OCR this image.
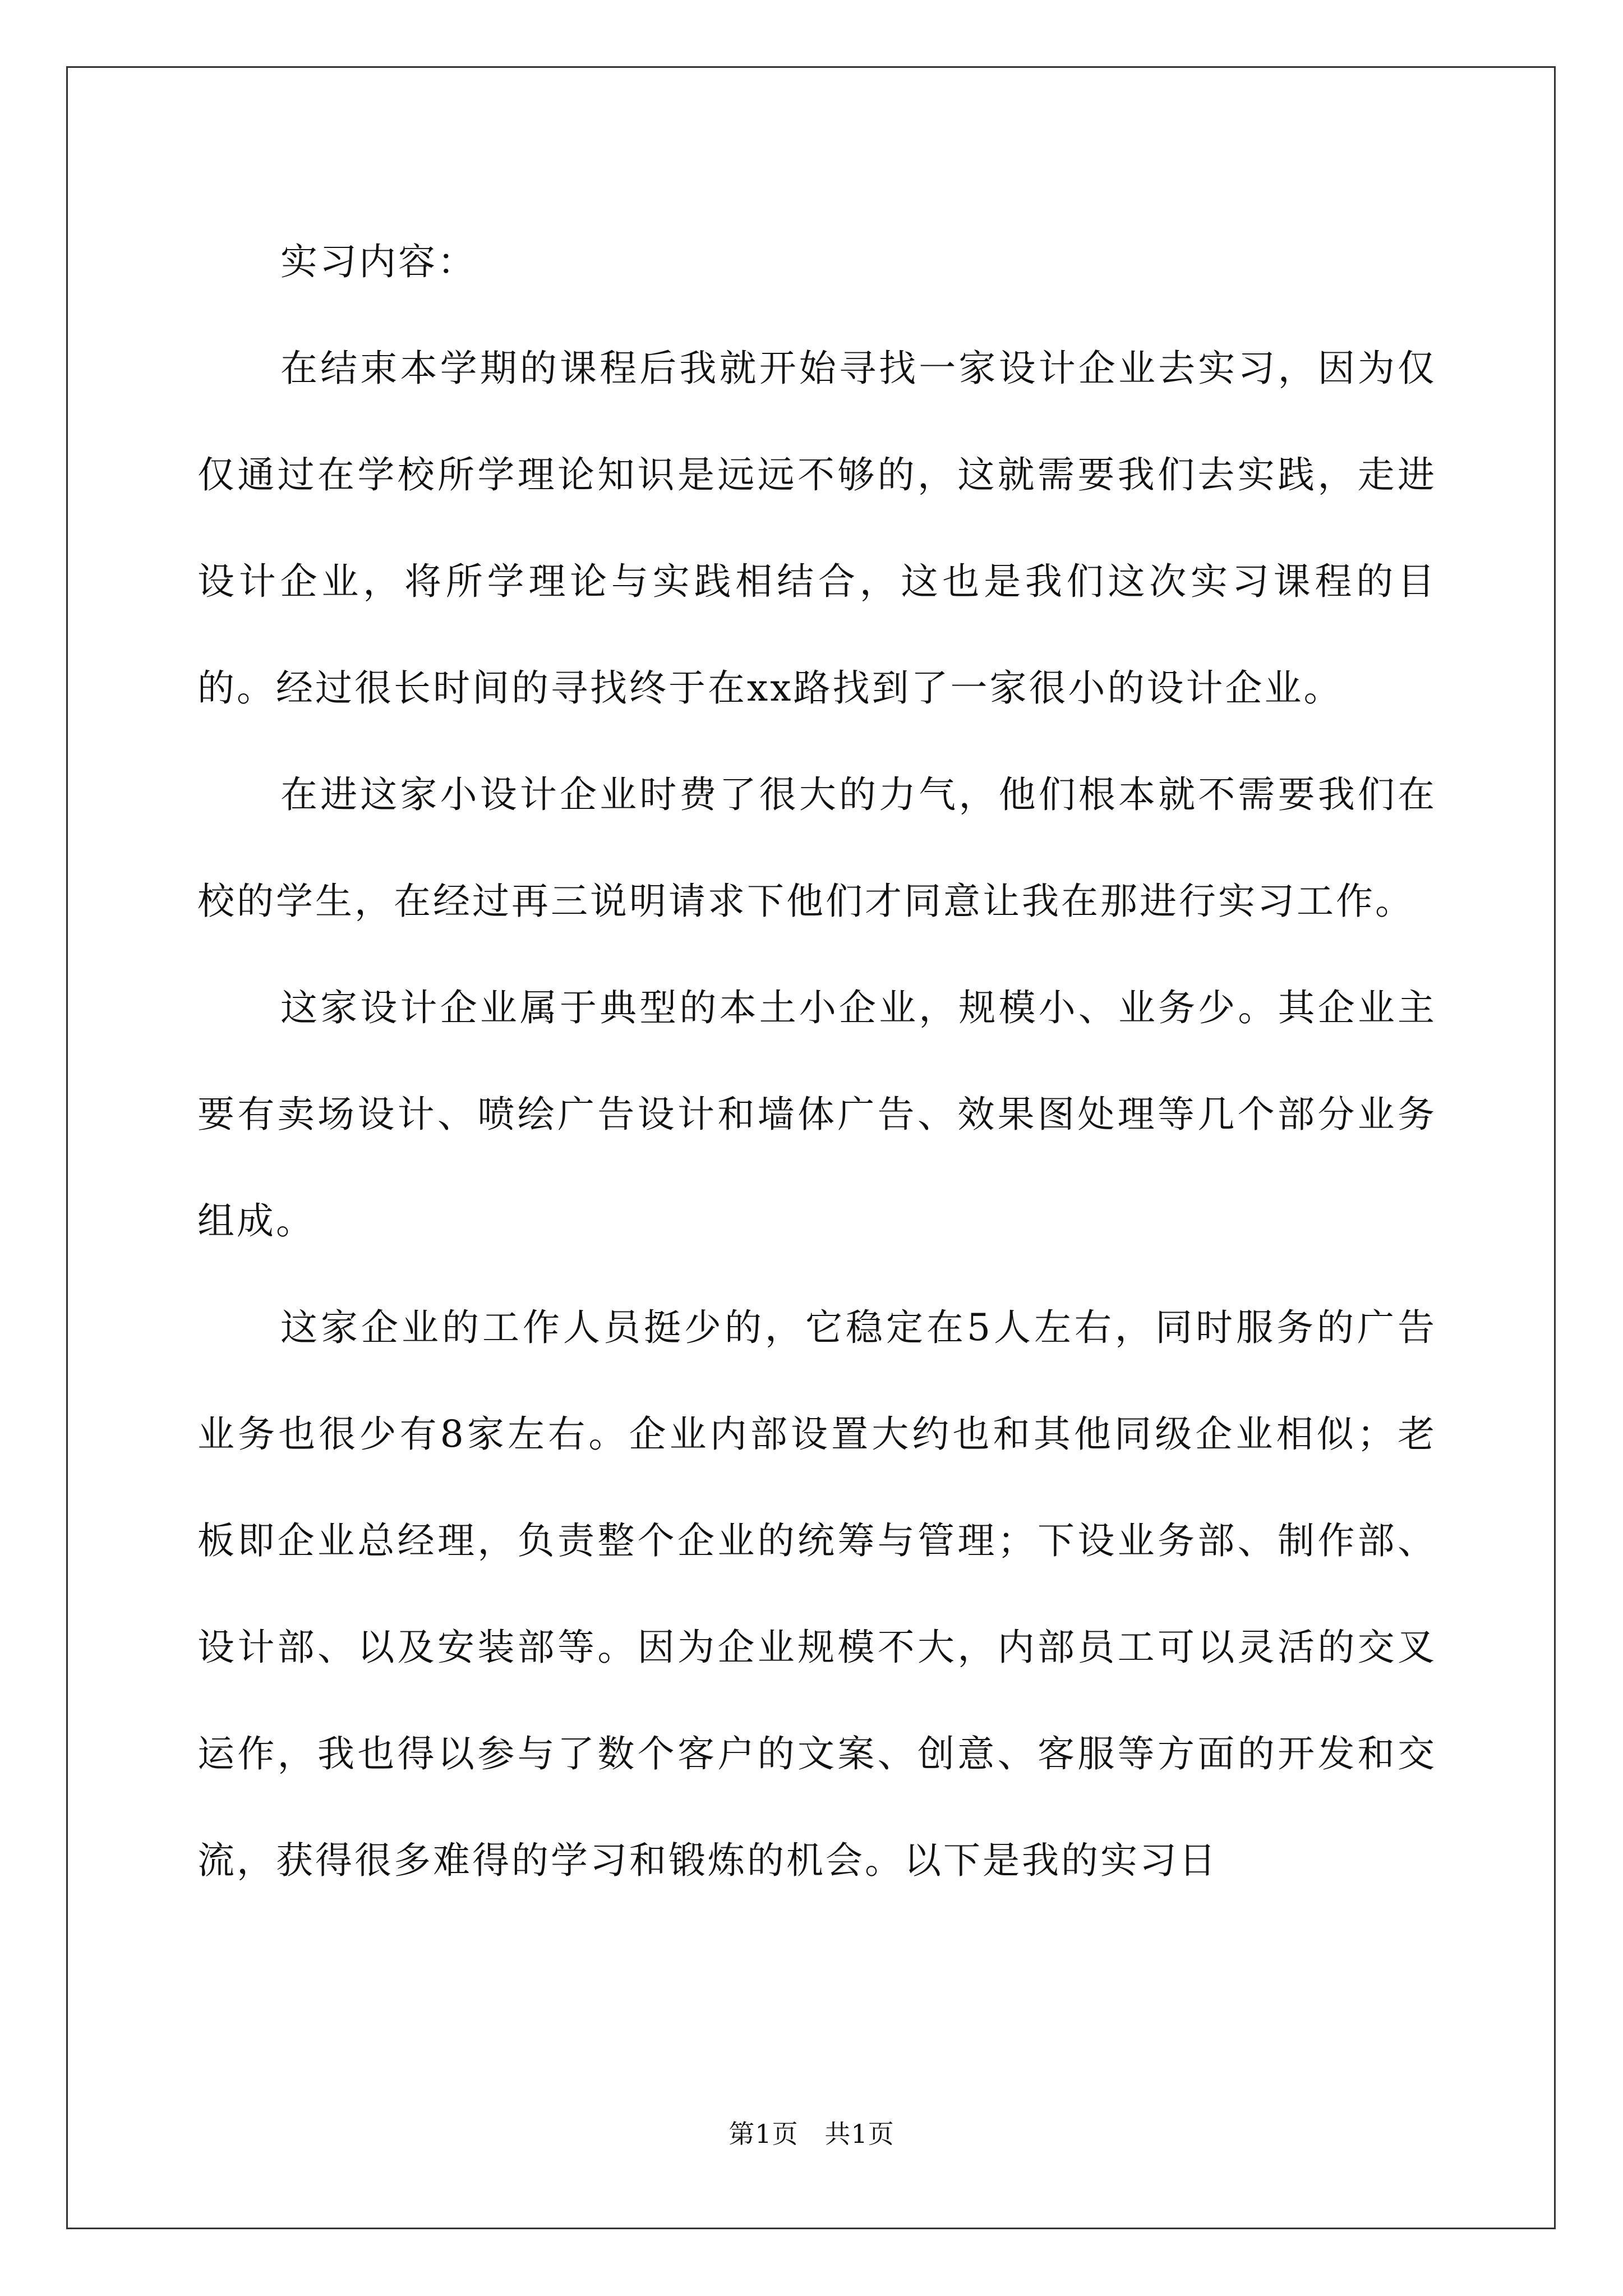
实习内容：

在结束本学期的课程后我就开始寻找一家设计企业去实习，因为仅仅通过在学校所学理论知识是远远不够的，这就需要我们去实践，走进设计企业，将所学理论与实践相结合，这也是我们这次实习课程的目的。经过很长时间的寻找终于在xx路找到了一家很小的设计企业。

在进这家小设计企业时费了很大的力气，他们根本就不需要我们在校的学生，在经过再三说明请求下他们才同意让我在那进行实习工作。

这家设计企业属于典型的本土小企业，规模小、业务少。其企业主要有卖场设计、喷绘广告设计和墙体广告、效果图处理等几个部分业务组成。

这家企业的工作人员挺少的，它稳定在5人左右，同时服务的广告业务也很少有8家左右。企业内部设置大约也和其他同级企业相似；老板即企业总经理，负责整个企业的统筹与管理；下设业务部、制作部、设计部、以及安装部等。因为企业规模不大，内部员工可以灵活的交叉运作，我也得以参与了数个客户的文案、创意、客服等方面的开发和交流，获得很多难得的学习和锻炼的机会。以下是我的实习日

第1页   共1页
